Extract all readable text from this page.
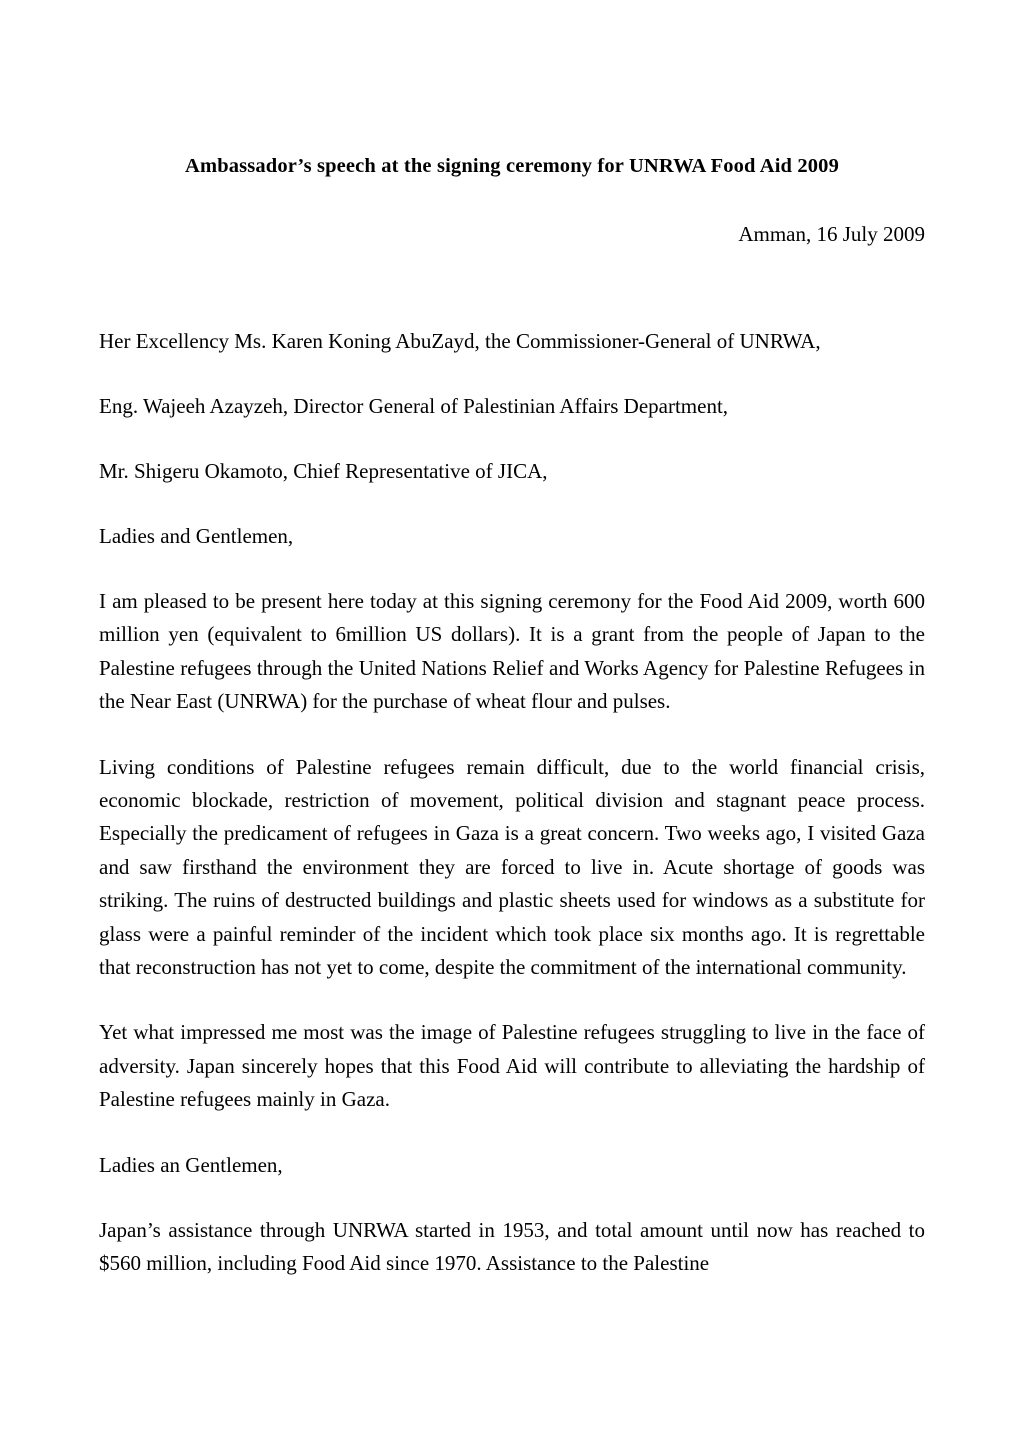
Ambassador’s speech at the signing ceremony for UNRWA Food Aid 2009

Amman, 16 July 2009

Her Excellency Ms. Karen Koning AbuZayd, the Commissioner-General of UNRWA,

Eng. Wajeeh Azayzeh, Director General of Palestinian Affairs Department,

Mr. Shigeru Okamoto, Chief Representative of JICA,

Ladies and Gentlemen,

I am pleased to be present here today at this signing ceremony for the Food Aid 2009, worth 600 million yen (equivalent to 6million US dollars). It is a grant from the people of Japan to the Palestine refugees through the United Nations Relief and Works Agency for Palestine Refugees in the Near East (UNRWA) for the purchase of wheat flour and pulses.

Living conditions of Palestine refugees remain difficult, due to the world financial crisis, economic blockade, restriction of movement, political division and stagnant peace process. Especially the predicament of refugees in Gaza is a great concern. Two weeks ago, I visited Gaza and saw firsthand the environment they are forced to live in. Acute shortage of goods was striking. The ruins of destructed buildings and plastic sheets used for windows as a substitute for glass were a painful reminder of the incident which took place six months ago. It is regrettable that reconstruction has not yet to come, despite the commitment of the international community.

Yet what impressed me most was the image of Palestine refugees struggling to live in the face of adversity. Japan sincerely hopes that this Food Aid will contribute to alleviating the hardship of Palestine refugees mainly in Gaza.

Ladies an Gentlemen,

Japan’s assistance through UNRWA started in 1953, and total amount until now has reached to $560 million, including Food Aid since 1970. Assistance to the Palestine
